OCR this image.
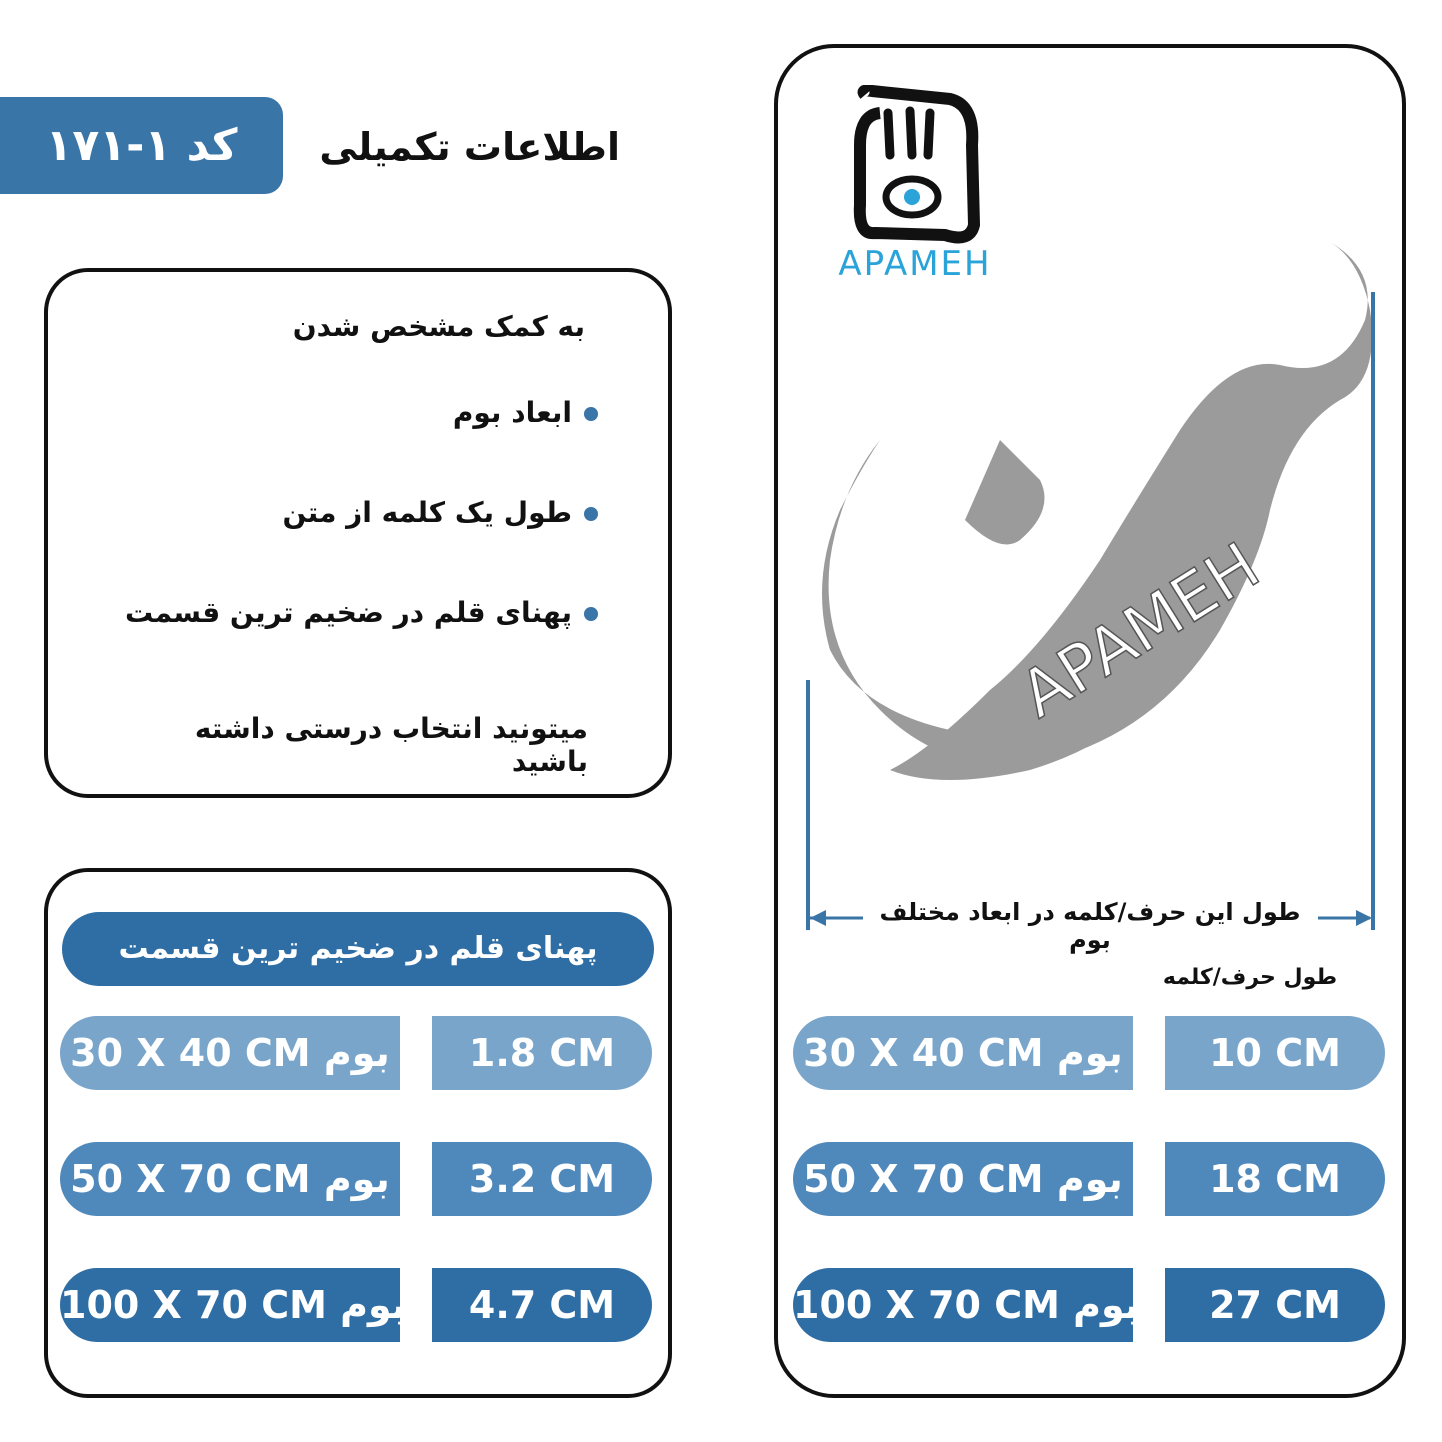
کد ۱-۱۷۱	اطلاعات تکمیلی
به کمک مشخص شدن
ابعاد بوم
طول یک کلمه از متن
پهنای قلم در ضخیم ترین قسمت
میتونید انتخاب درستی داشته باشید
پهنای قلم در ضخیم ترین قسمت
30 X 40 CM بوم	1.8 CM
50 X 70 CM بوم	3.2 CM
100 X 70 CM بوم	4.7 CM
APAMEH
APAMEH
طول این حرف/کلمه در ابعاد مختلف بوم
طول حرف/کلمه
30 X 40 CM بوم	10 CM
50 X 70 CM بوم	18 CM
100 X 70 CM بوم	27 CM
